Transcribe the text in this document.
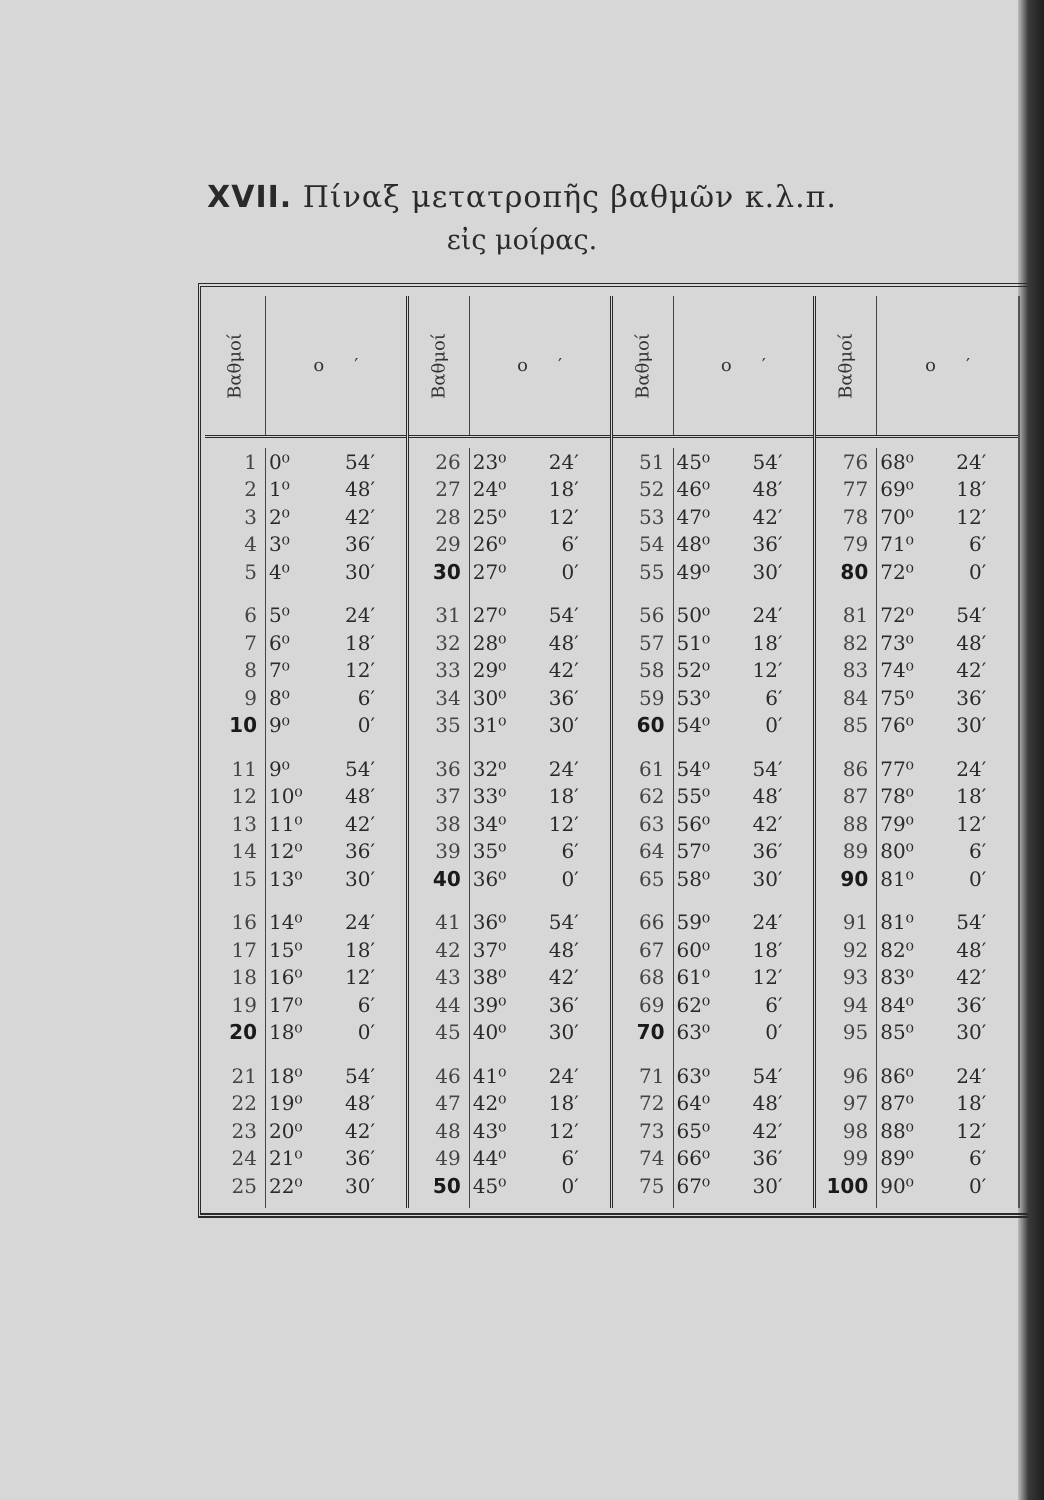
ΧVΙΙ. Πίναξ μετατροπῆς βαθμῶν κ.λ.π.
εἰς μοίρας.
Βαθμοί	o ′
1 0⁰	54′
2 1⁰	48′
3 2⁰	42′
4 3⁰	36′
5 4⁰	30′
6 5⁰	24′
7 6⁰	18′
8 7⁰	12′
9 8⁰	6′
10 9⁰	0′
11 9⁰	54′
12 10⁰	48′
13 11⁰	42′
14 12⁰	36′
15 13⁰	30′
16 14⁰	24′
17 15⁰	18′
18 16⁰	12′
19 17⁰	6′
20 18⁰	0′
21 18⁰	54′
22 19⁰	48′
23 20⁰	42′
24 21⁰	36′
25 22⁰	30′
Βαθμοί	o ′
26 23⁰	24′
27 24⁰	18′
28 25⁰	12′
29 26⁰	6′
30 27⁰	0′
31 27⁰	54′
32 28⁰	48′
33 29⁰	42′
34 30⁰	36′
35 31⁰	30′
36 32⁰	24′
37 33⁰	18′
38 34⁰	12′
39 35⁰	6′
40 36⁰	0′
41 36⁰	54′
42 37⁰	48′
43 38⁰	42′
44 39⁰	36′
45 40⁰	30′
46 41⁰	24′
47 42⁰	18′
48 43⁰	12′
49 44⁰	6′
50 45⁰	0′
Βαθμοί	o ′
51 45⁰	54′
52 46⁰	48′
53 47⁰	42′
54 48⁰	36′
55 49⁰	30′
56 50⁰	24′
57 51⁰	18′
58 52⁰	12′
59 53⁰	6′
60 54⁰	0′
61 54⁰	54′
62 55⁰	48′
63 56⁰	42′
64 57⁰	36′
65 58⁰	30′
66 59⁰	24′
67 60⁰	18′
68 61⁰	12′
69 62⁰	6′
70 63⁰	0′
71 63⁰	54′
72 64⁰	48′
73 65⁰	42′
74 66⁰	36′
75 67⁰	30′
Βαθμοί	o ′
76 68⁰	24′
77 69⁰	18′
78 70⁰	12′
79 71⁰	6′
80 72⁰	0′
81 72⁰	54′
82 73⁰	48′
83 74⁰	42′
84 75⁰	36′
85 76⁰	30′
86 77⁰	24′
87 78⁰	18′
88 79⁰	12′
89 80⁰	6′
90 81⁰	0′
91 81⁰	54′
92 82⁰	48′
93 83⁰	42′
94 84⁰	36′
95 85⁰	30′
96 86⁰	24′
97 87⁰	18′
98 88⁰	12′
99 89⁰	6′
100 90⁰	0′
